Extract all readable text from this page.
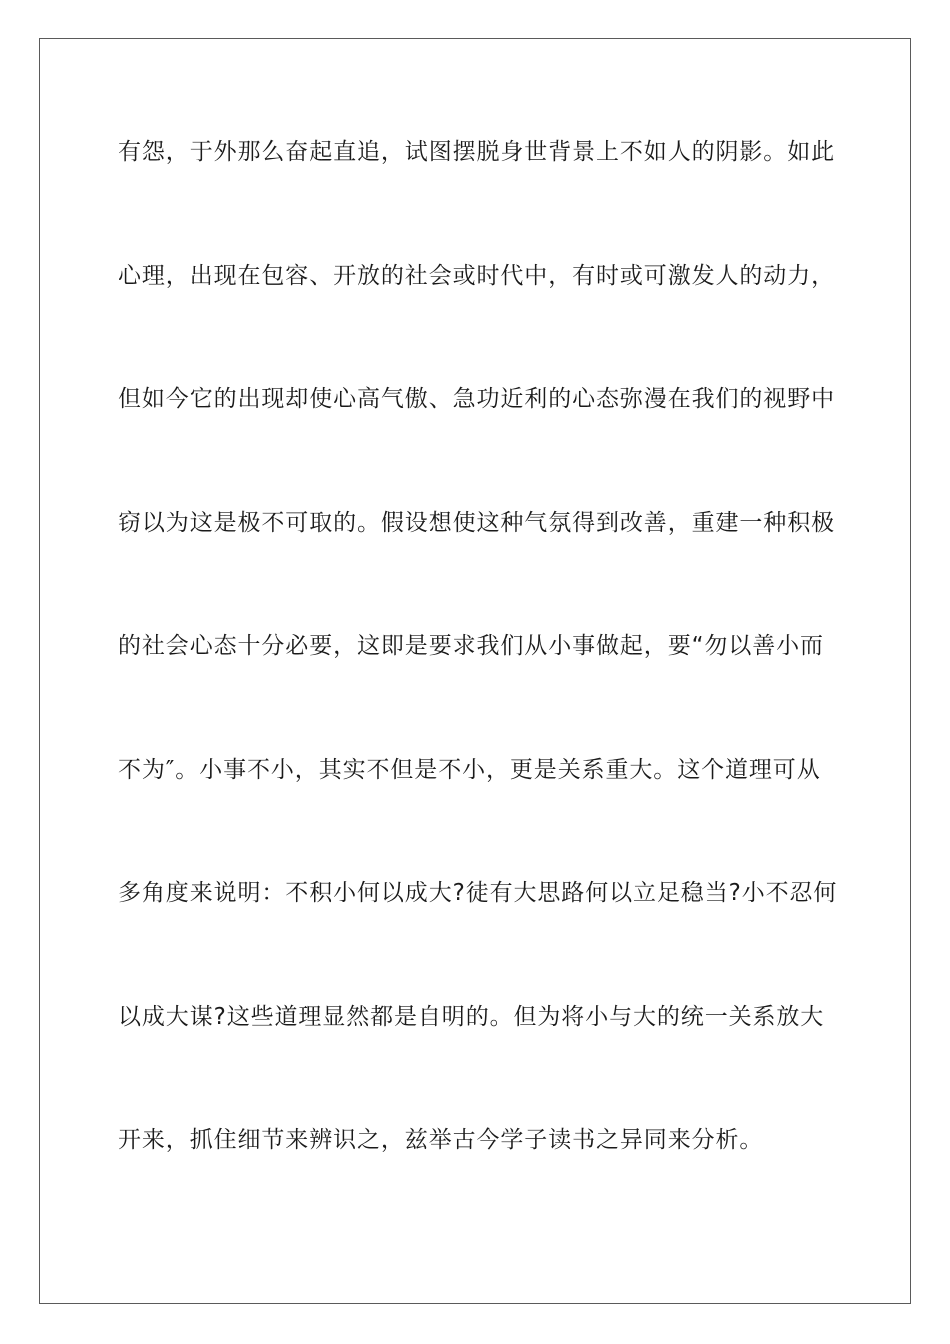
有怨，于外那么奋起直追，试图摆脱身世背景上不如人的阴影。如此
心理，出现在包容、开放的社会或时代中，有时或可激发人的动力，
但如今它的出现却使心高气傲、急功近利的心态弥漫在我们的视野中
窃以为这是极不可取的。假设想使这种气氛得到改善，重建一种积极
的社会心态十分必要，这即是要求我们从小事做起，要“勿以善小而
不为″。小事不小，其实不但是不小，更是关系重大。这个道理可从
多角度来说明：不积小何以成大?徒有大思路何以立足稳当?小不忍何
以成大谋?这些道理显然都是自明的。但为将小与大的统一关系放大
开来，抓住细节来辨识之，兹举古今学子读书之异同来分析。
